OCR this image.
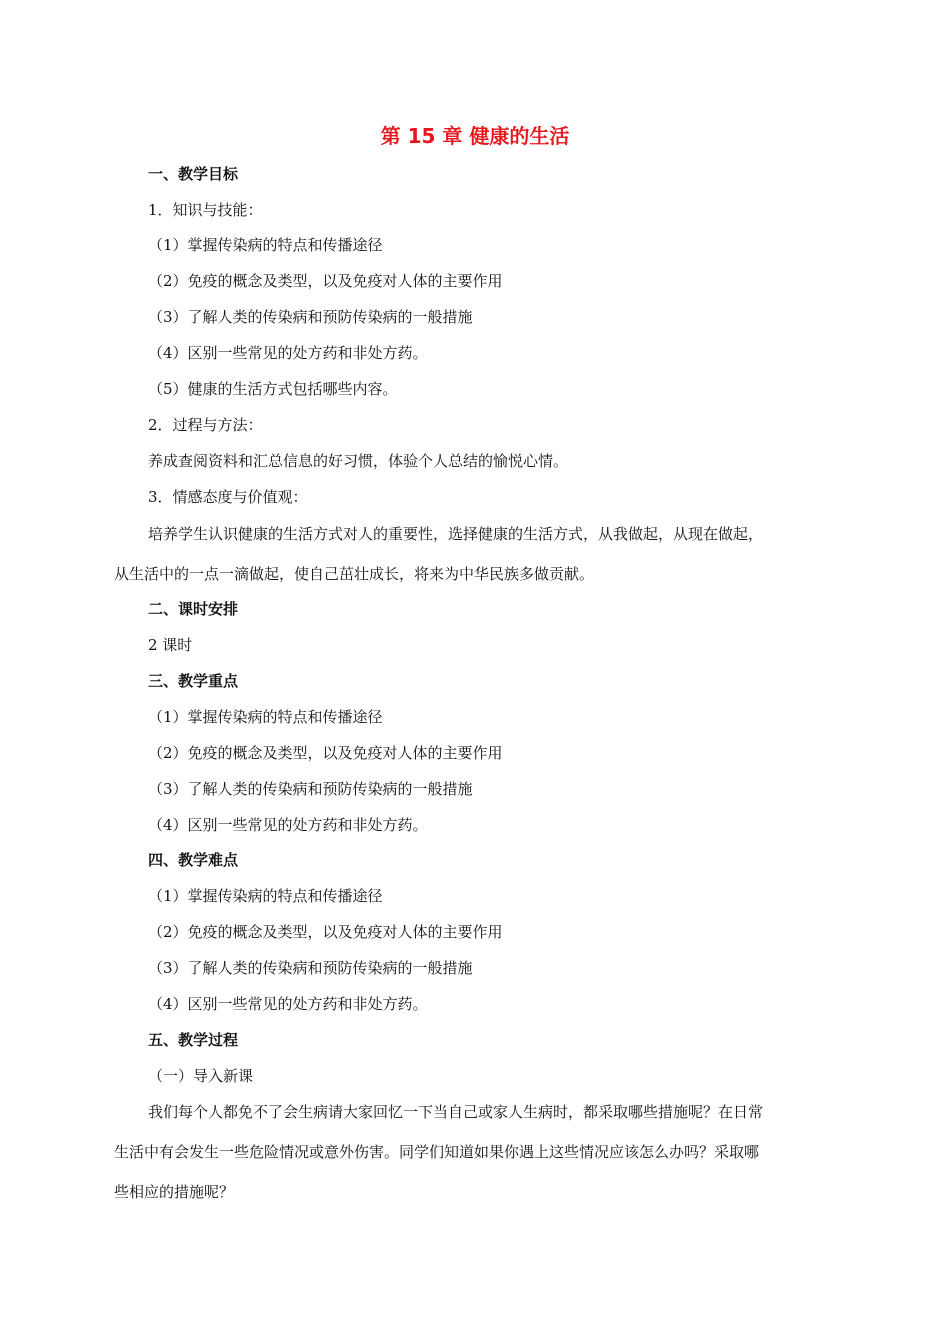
第 15 章 健康的生活
一、教学目标
1．知识与技能：
（1）掌握传染病的特点和传播途径
（2）免疫的概念及类型，以及免疫对人体的主要作用
（3）了解人类的传染病和预防传染病的一般措施
（4）区别一些常见的处方药和非处方药。
（5）健康的生活方式包括哪些内容。
2．过程与方法：
养成查阅资料和汇总信息的好习惯，体验个人总结的愉悦心情。
3．情感态度与价值观：
培养学生认识健康的生活方式对人的重要性，选择健康的生活方式，从我做起，从现在做起，
从生活中的一点一滴做起，使自己茁壮成长，将来为中华民族多做贡献。
二、课时安排
2 课时
三、教学重点
（1）掌握传染病的特点和传播途径
（2）免疫的概念及类型，以及免疫对人体的主要作用
（3）了解人类的传染病和预防传染病的一般措施
（4）区别一些常见的处方药和非处方药。
四、教学难点
（1）掌握传染病的特点和传播途径
（2）免疫的概念及类型，以及免疫对人体的主要作用
（3）了解人类的传染病和预防传染病的一般措施
（4）区别一些常见的处方药和非处方药。
五、教学过程
（一）导入新课
我们每个人都免不了会生病请大家回忆一下当自己或家人生病时，都采取哪些措施呢？在日常
生活中有会发生一些危险情况或意外伤害。同学们知道如果你遇上这些情况应该怎么办吗？采取哪
些相应的措施呢？
